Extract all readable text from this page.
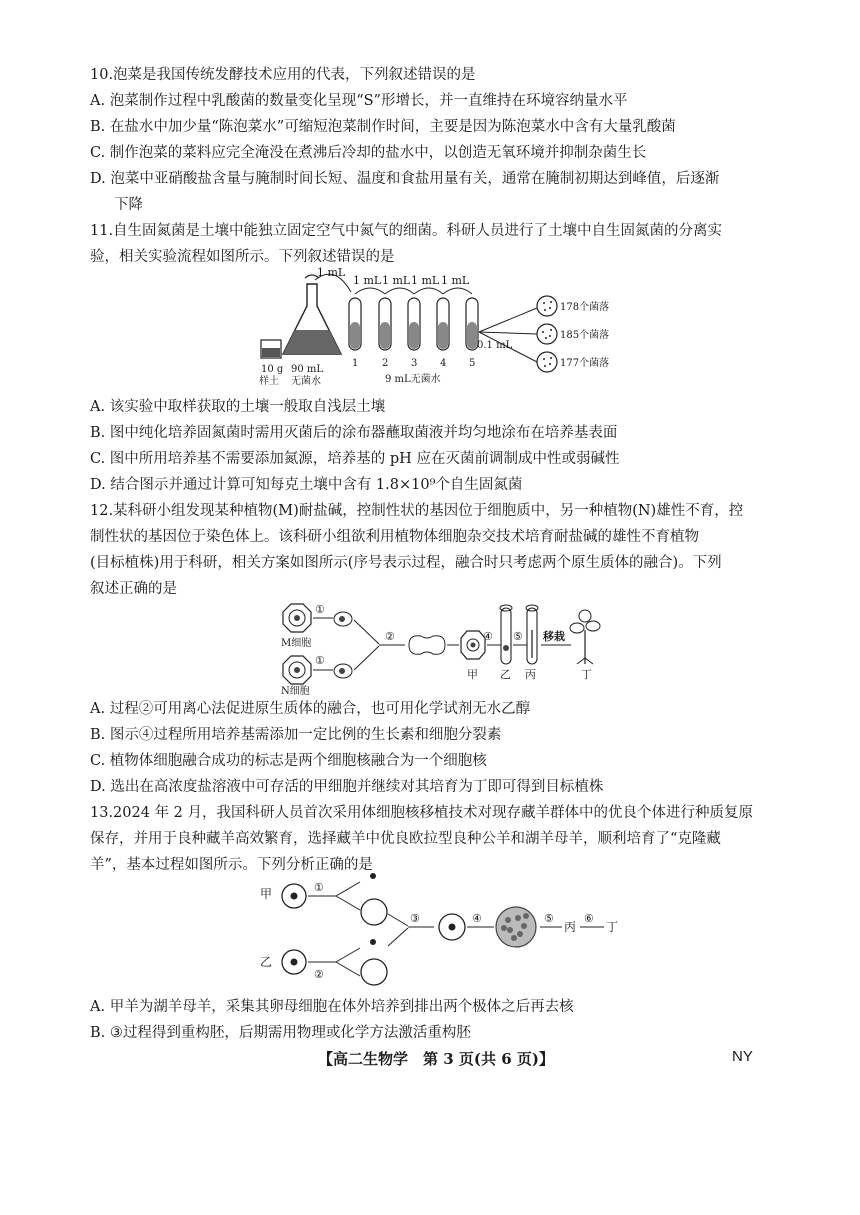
10.泡菜是我国传统发酵技术应用的代表，下列叙述错误的是
A. 泡菜制作过程中乳酸菌的数量变化呈现“S”形增长，并一直维持在环境容纳量水平
B. 在盐水中加少量“陈泡菜水”可缩短泡菜制作时间，主要是因为陈泡菜水中含有大量乳酸菌
C. 制作泡菜的菜料应完全淹没在煮沸后冷却的盐水中，以创造无氧环境并抑制杂菌生长
D. 泡菜中亚硝酸盐含量与腌制时间长短、温度和食盐用量有关，通常在腌制初期达到峰值，后逐渐
下降
11.自生固氮菌是土壤中能独立固定空气中氮气的细菌。科研人员进行了土壤中自生固氮菌的分离实
验，相关实验流程如图所示。下列叙述错误的是
1 mL
1 mL 1 mL 1 mL 1 mL
10 g
样土
90 mL
无菌水
1 2 3 4 5
9 mL无菌水
0.1 mL
178个菌落
185个菌落
177个菌落
A. 该实验中取样获取的土壤一般取自浅层土壤
B. 图中纯化培养固氮菌时需用灭菌后的涂布器蘸取菌液并均匀地涂布在培养基表面
C. 图中所用培养基不需要添加氮源，培养基的 pH 应在灭菌前调制成中性或弱碱性
D. 结合图示并通过计算可知每克土壤中含有 1.8×10⁹个自生固氮菌
12.某科研小组发现某种植物(M)耐盐碱，控制性状的基因位于细胞质中，另一种植物(N)雄性不育，控
制性状的基因位于染色体上。该科研小组欲利用植物体细胞杂交技术培育耐盐碱的雄性不育植物
(目标植株)用于科研，相关方案如图所示(序号表示过程，融合时只考虑两个原生质体的融合)。下列
叙述正确的是
M细胞
①
N细胞
①
②
甲
④
乙
⑤
丙
移栽
丁
A. 过程②可用离心法促进原生质体的融合，也可用化学试剂无水乙醇
B. 图示④过程所用培养基需添加一定比例的生长素和细胞分裂素
C. 植物体细胞融合成功的标志是两个细胞核融合为一个细胞核
D. 选出在高浓度盐溶液中可存活的甲细胞并继续对其培育为丁即可得到目标植株
13.2024 年 2 月，我国科研人员首次采用体细胞核移植技术对现存藏羊群体中的优良个体进行种质复原
保存，并用于良种藏羊高效繁育，选择藏羊中优良欧拉型良种公羊和湖羊母羊，顺利培育了“克隆藏
羊”，基本过程如图所示。下列分析正确的是
甲	①
乙
②
③	④	⑤
丙
⑥
丁
A. 甲羊为湖羊母羊，采集其卵母细胞在体外培养到排出两个极体之后再去核
B. ③过程得到重构胚，后期需用物理或化学方法激活重构胚
【高二生物学　第 3 页(共 6 页)】	NY
